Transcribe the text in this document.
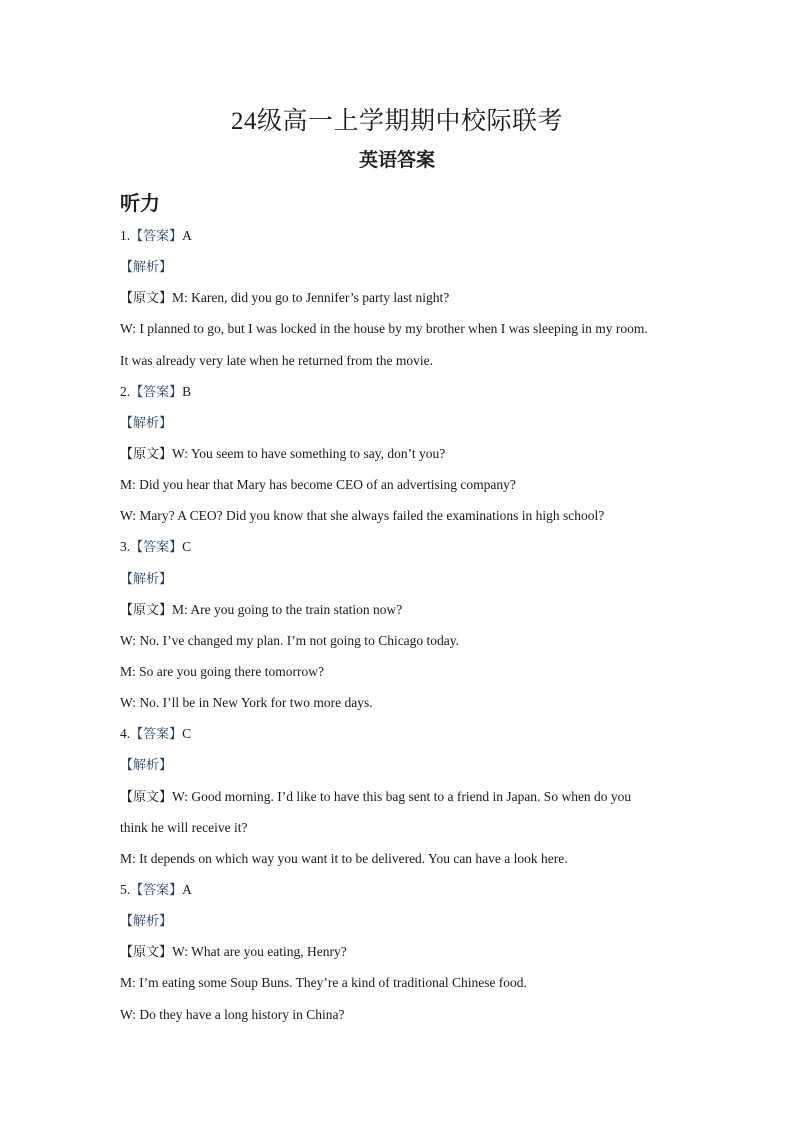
24级高一上学期期中校际联考
英语答案
听力
1.【答案】A
【解析】
【原文】M: Karen, did you go to Jennifer’s party last night?
W: I planned to go, but I was locked in the house by my brother when I was sleeping in my room.
It was already very late when he returned from the movie.
2.【答案】B
【解析】
【原文】W: You seem to have something to say, don’t you?
M: Did you hear that Mary has become CEO of an advertising company?
W: Mary? A CEO? Did you know that she always failed the examinations in high school?
3.【答案】C
【解析】
【原文】M: Are you going to the train station now?
W: No. I’ve changed my plan. I’m not going to Chicago today.
M: So are you going there tomorrow?
W: No. I’ll be in New York for two more days.
4.【答案】C
【解析】
【原文】W: Good morning. I’d like to have this bag sent to a friend in Japan. So when do you
think he will receive it?
M: It depends on which way you want it to be delivered. You can have a look here.
5.【答案】A
【解析】
【原文】W: What are you eating, Henry?
M: I’m eating some Soup Buns. They’re a kind of traditional Chinese food.
W: Do they have a long history in China?
